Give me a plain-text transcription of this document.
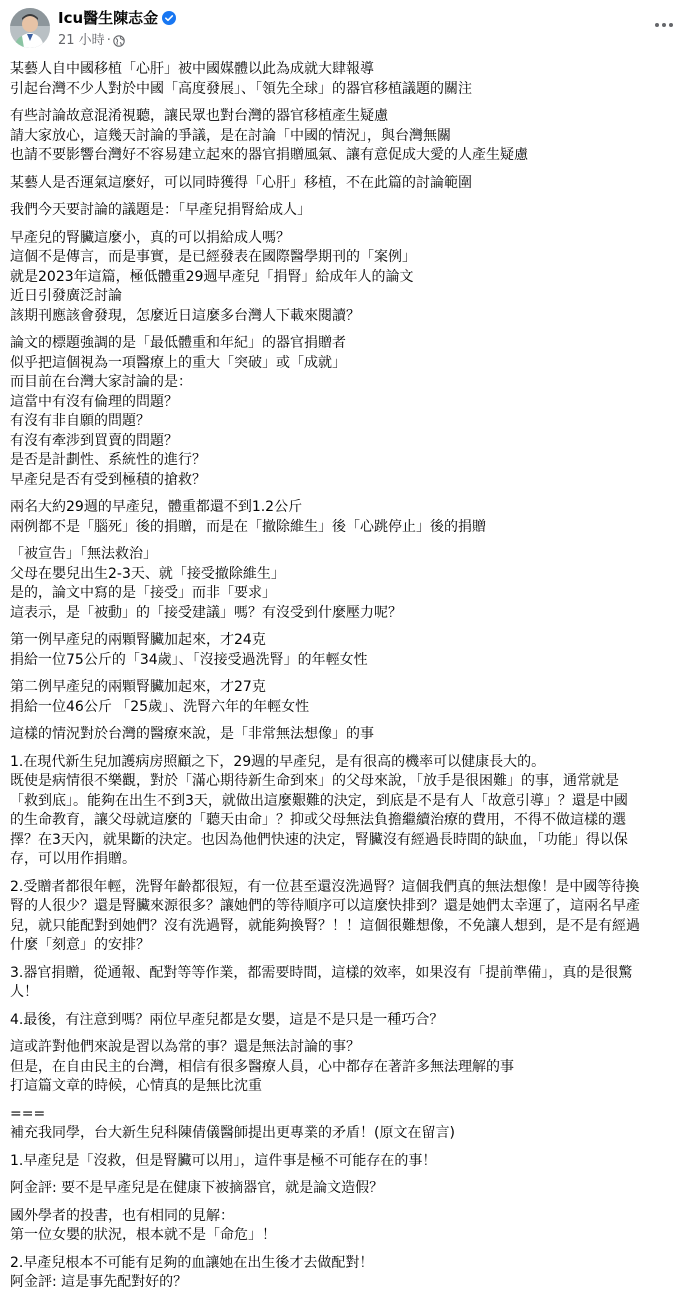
Icu醫生陳志金
21 小時 ·

某藝人自中國移植「心肝」被中國媒體以此為成就大肆報導
引起台灣不少人對於中國「高度發展」、「領先全球」的器官移植議題的關注

有些討論故意混淆視聽，讓民眾也對台灣的器官移植產生疑慮
請大家放心，這幾天討論的爭議，是在討論「中國的情況」，與台灣無關
也請不要影響台灣好不容易建立起來的器官捐贈風氣、讓有意促成大愛的人產生疑慮

某藝人是否運氣這麼好，可以同時獲得「心肝」移植，不在此篇的討論範圍

我們今天要討論的議題是：「早產兒捐腎給成人」

早產兒的腎臟這麼小，真的可以捐給成人嗎？
這個不是傳言，而是事實，是已經發表在國際醫學期刊的「案例」
就是2023年這篇，極低體重29週早產兒「捐腎」給成年人的論文
近日引發廣泛討論
該期刊應該會發現，怎麼近日這麼多台灣人下載來閱讀？

論文的標題強調的是「最低體重和年紀」的器官捐贈者
似乎把這個視為一項醫療上的重大「突破」或「成就」
而目前在台灣大家討論的是：
這當中有沒有倫理的問題？
有沒有非自願的問題？
有沒有牽涉到買賣的問題？
是否是計劃性、系統性的進行？
早產兒是否有受到極積的搶救？

兩名大約29週的早產兒，體重都還不到1.2公斤
兩例都不是「腦死」後的捐贈，而是在「撤除維生」後「心跳停止」後的捐贈

「被宣告」「無法救治」
父母在嬰兒出生2-3天、就「接受撤除維生」
是的，論文中寫的是「接受」而非「要求」
這表示，是「被動」的「接受建議」嗎？有沒受到什麼壓力呢？

第一例早產兒的兩顆腎臟加起來，才24克
捐給一位75公斤的「34歲」、「沒接受過洗腎」的年輕女性

第二例早產兒的兩顆腎臟加起來，才27克
捐給一位46公斤 「25歲」、洗腎六年的年輕女性

這樣的情況對於台灣的醫療來說，是「非常無法想像」的事

1.在現代新生兒加護病房照顧之下，29週的早產兒，是有很高的機率可以健康長大的。
既使是病情很不樂觀，對於「滿心期待新生命到來」的父母來說，「放手是很困難」的事，通常就是
「救到底」。能夠在出生不到3天，就做出這麼艱難的決定，到底是不是有人「故意引導」？還是中國
的生命教育，讓父母就這麼的「聽天由命」？抑或父母無法負擔繼續治療的費用，不得不做這樣的選
擇？在3天內，就果斷的決定。也因為他們快速的決定，腎臟沒有經過長時間的缺血，「功能」得以保
存，可以用作捐贈。

2.受贈者都很年輕，洗腎年齡都很短，有一位甚至還沒洗過腎？這個我們真的無法想像！是中國等待換
腎的人很少？還是腎臟來源很多？讓她們的等待順序可以這麼快排到？還是她們太幸運了，這兩名早產
兒，就只能配對到她們？沒有洗過腎，就能夠換腎？！！這個很難想像，不免讓人想到，是不是有經過
什麼「刻意」的安排？

3.器官捐贈，從通報、配對等等作業，都需要時間，這樣的效率，如果沒有「提前準備」，真的是很驚
人！

4.最後，有注意到嗎？兩位早產兒都是女嬰，這是不是只是一種巧合？

這或許對他們來說是習以為常的事？還是無法討論的事？
但是，在自由民主的台灣，相信有很多醫療人員，心中都存在著許多無法理解的事
打這篇文章的時候，心情真的是無比沈重

===
補充我同學，台大新生兒科陳倩儀醫師提出更專業的矛盾！(原文在留言)

1.早產兒是「沒救，但是腎臟可以用」，這件事是極不可能存在的事！

阿金評: 要不是早產兒是在健康下被摘器官，就是論文造假？

國外學者的投書，也有相同的見解：
第一位女嬰的狀況，根本就不是「命危」！

2.早產兒根本不可能有足夠的血讓她在出生後才去做配對！
阿金評: 這是事先配對好的？
